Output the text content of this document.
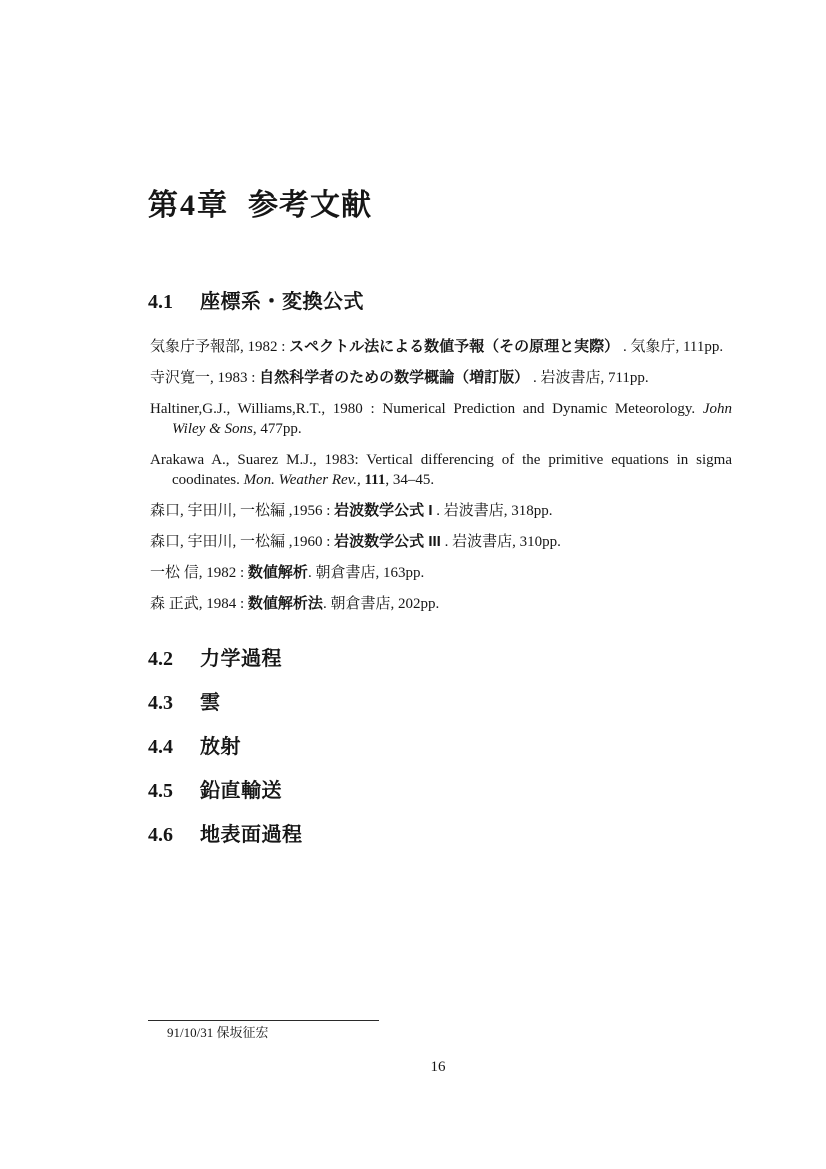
第4章 参考文献
4.1 座標系・変換公式

気象庁予報部, 1982 : スペクトル法による数値予報（その原理と実際） . 気象庁, 111pp.

寺沢寛一, 1983 : 自然科学者のための数学概論（増訂版） . 岩波書店, 711pp.

Haltiner,G.J., Williams,R.T., 1980 : Numerical Prediction and Dynamic Meteorology. John Wiley & Sons, 477pp.

Arakawa A., Suarez M.J., 1983: Vertical differencing of the primitive equations in sigma coodinates. Mon. Weather Rev., 111, 34–45.

森口, 宇田川, 一松編 ,1956 : 岩波数学公式 I . 岩波書店, 318pp.

森口, 宇田川, 一松編 ,1960 : 岩波数学公式 III . 岩波書店, 310pp.

一松 信, 1982 : 数値解析. 朝倉書店, 163pp.

森 正武, 1984 : 数値解析法. 朝倉書店, 202pp.

4.2 力学過程
4.3 雲
4.4 放射
4.5 鉛直輸送
4.6 地表面過程
91/10/31 保坂征宏
16
